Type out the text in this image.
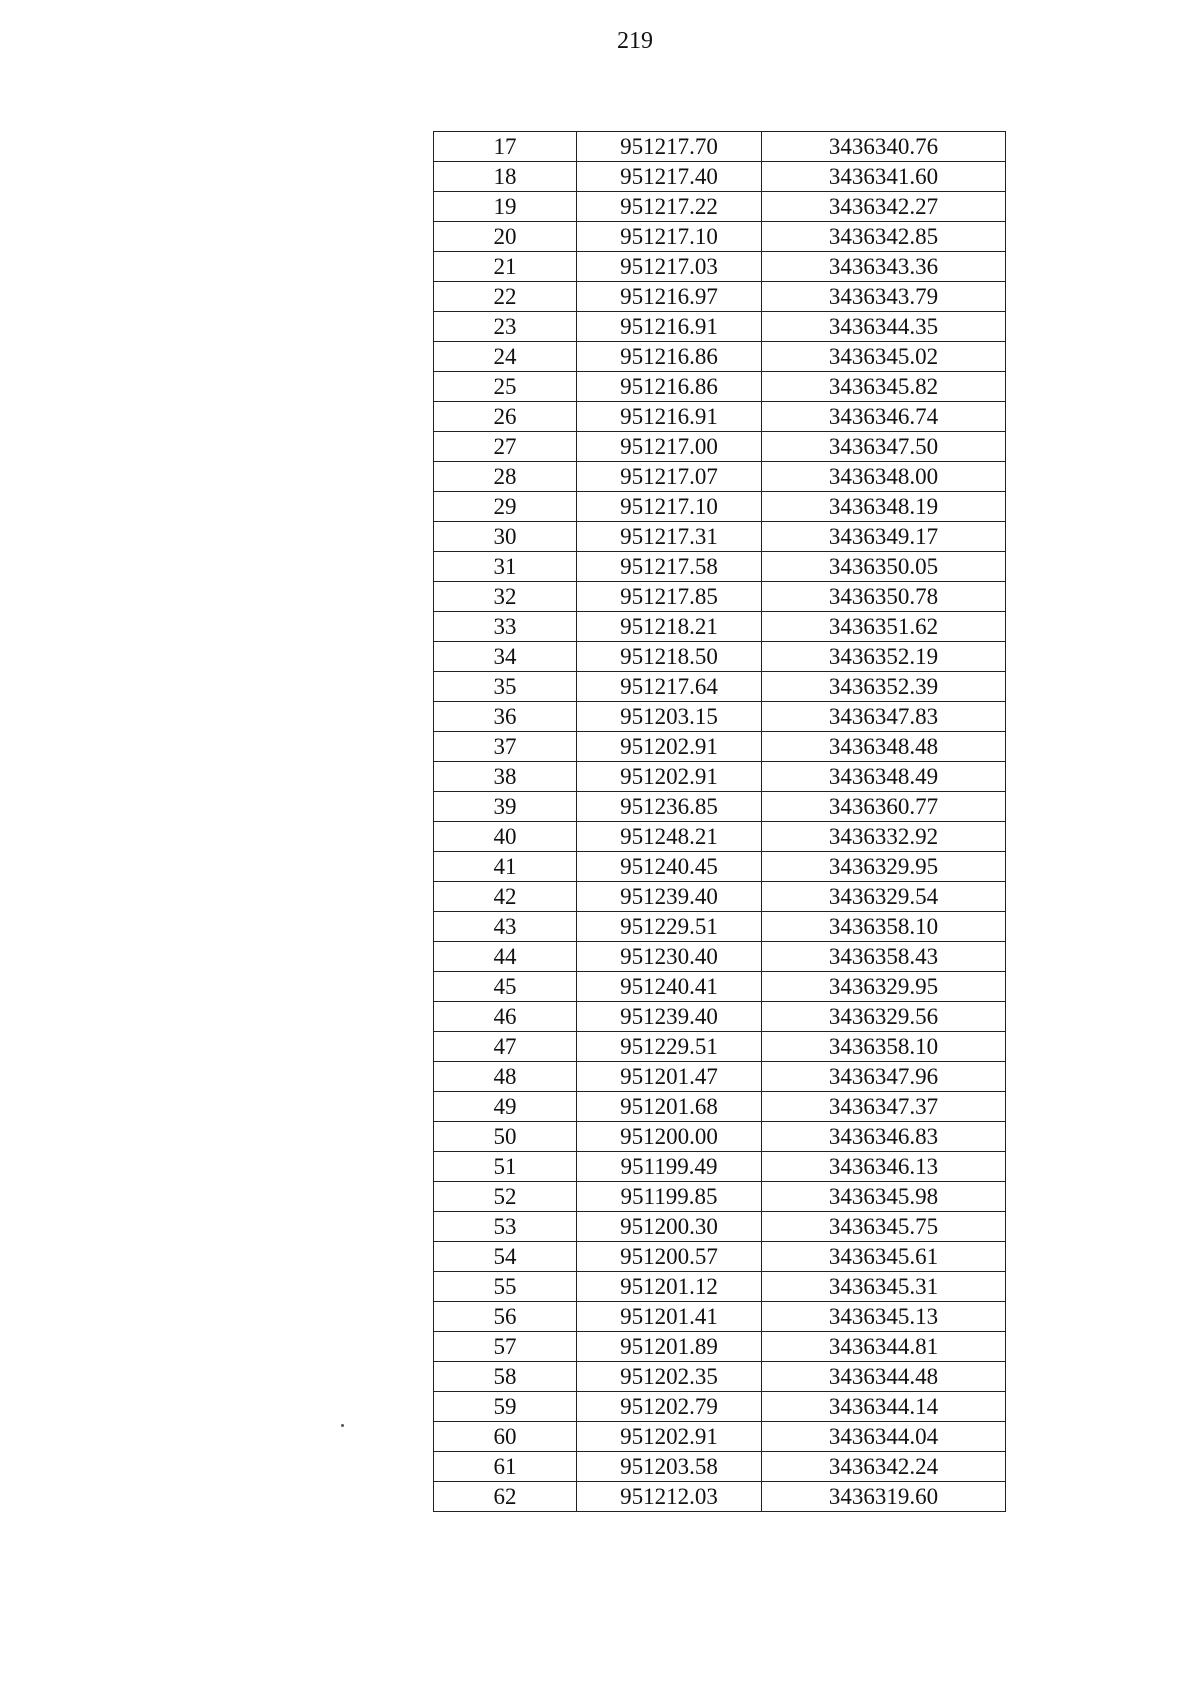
219
17	951217.70	3436340.76
18	951217.40	3436341.60
19	951217.22	3436342.27
20	951217.10	3436342.85
21	951217.03	3436343.36
22	951216.97	3436343.79
23	951216.91	3436344.35
24	951216.86	3436345.02
25	951216.86	3436345.82
26	951216.91	3436346.74
27	951217.00	3436347.50
28	951217.07	3436348.00
29	951217.10	3436348.19
30	951217.31	3436349.17
31	951217.58	3436350.05
32	951217.85	3436350.78
33	951218.21	3436351.62
34	951218.50	3436352.19
35	951217.64	3436352.39
36	951203.15	3436347.83
37	951202.91	3436348.48
38	951202.91	3436348.49
39	951236.85	3436360.77
40	951248.21	3436332.92
41	951240.45	3436329.95
42	951239.40	3436329.54
43	951229.51	3436358.10
44	951230.40	3436358.43
45	951240.41	3436329.95
46	951239.40	3436329.56
47	951229.51	3436358.10
48	951201.47	3436347.96
49	951201.68	3436347.37
50	951200.00	3436346.83
51	951199.49	3436346.13
52	951199.85	3436345.98
53	951200.30	3436345.75
54	951200.57	3436345.61
55	951201.12	3436345.31
56	951201.41	3436345.13
57	951201.89	3436344.81
58	951202.35	3436344.48
59	951202.79	3436344.14
60	951202.91	3436344.04
61	951203.58	3436342.24
62	951212.03	3436319.60
